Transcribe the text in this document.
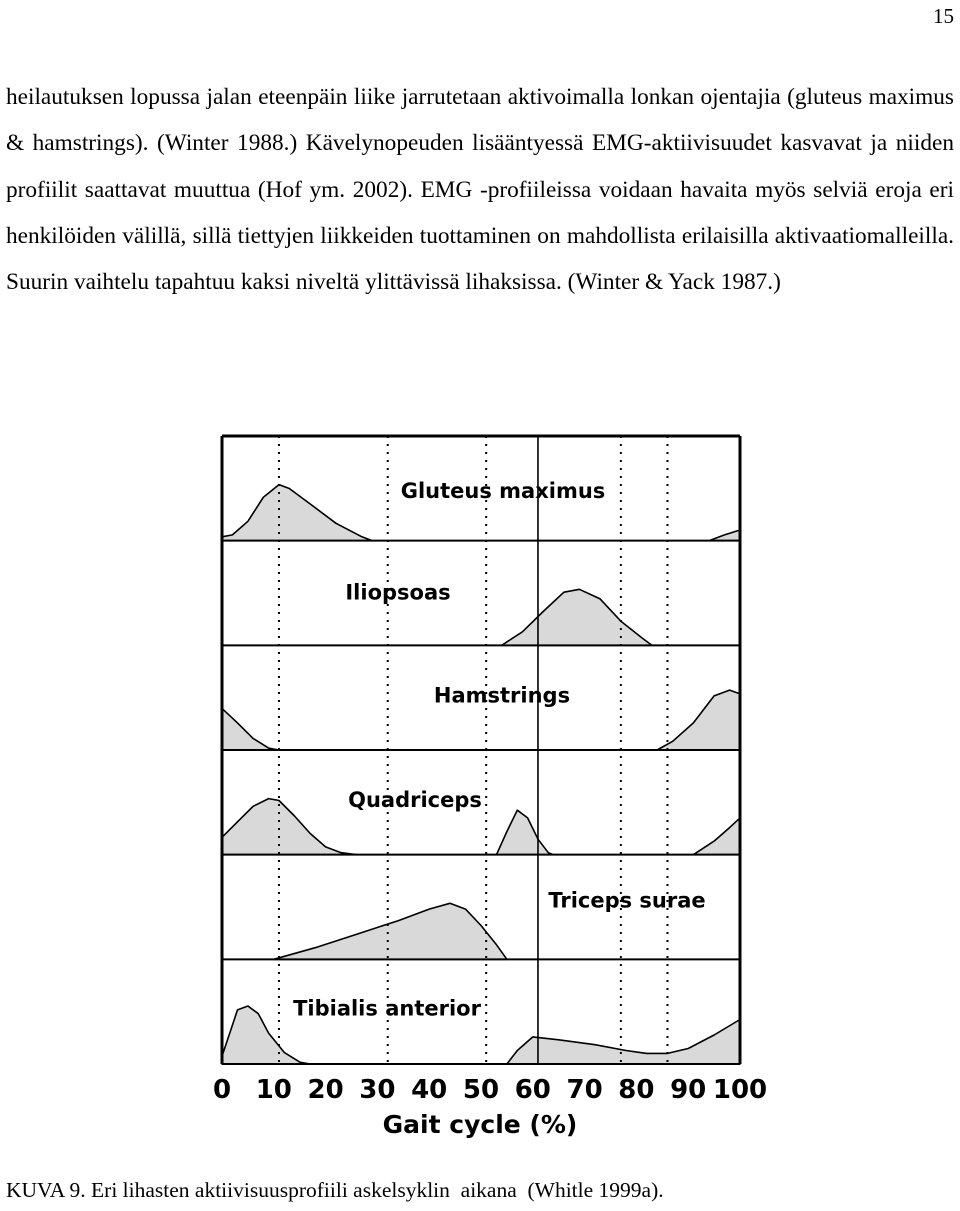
15

heilautuksen lopussa jalan eteenpäin liike jarrutetaan aktivoimalla lonkan ojentajia (gluteus maximus & hamstrings). (Winter 1988.) Kävelynopeuden lisääntyessä EMG-aktiivisuudet kasvavat ja niiden profiilit saattavat muuttua (Hof ym. 2002). EMG -profiileissa voidaan havaita myös selviä eroja eri henkilöiden välillä, sillä tiettyjen liikkeiden tuottaminen on mahdollista erilaisilla aktivaatiomalleilla. Suurin vaihtelu tapahtuu kaksi niveltä ylittävissä lihaksissa. (Winter & Yack 1987.)

Gluteus maximus
Iliopsoas
Hamstrings
Quadriceps
Triceps surae
Tibialis anterior
0 10 20 30 40 50 60 70 80 90 100
Gait cycle (%)
KUVA 9. Eri lihasten aktiivisuusprofiili askelsyklin  aikana  (Whitle 1999a).
